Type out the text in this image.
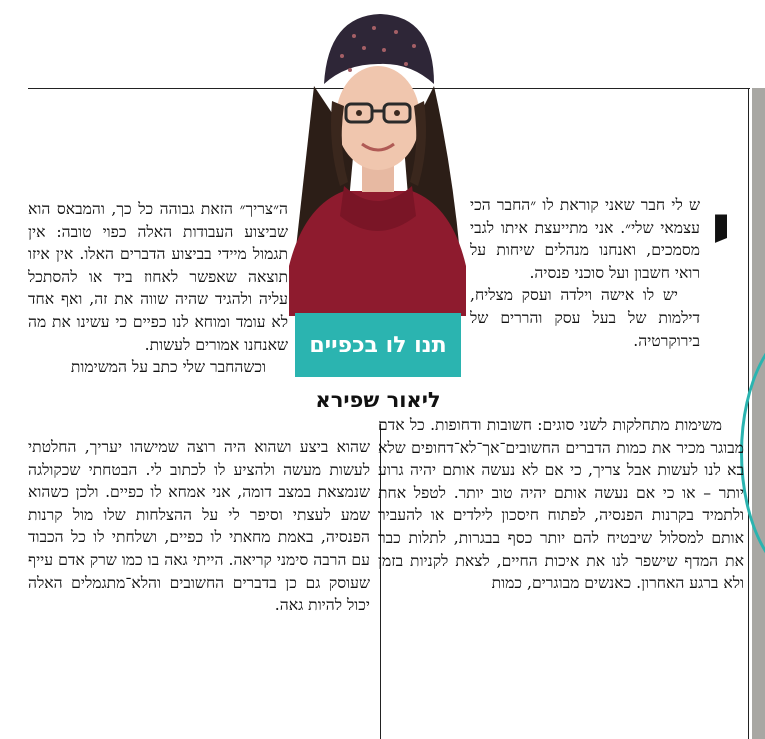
תנו לו בכפיים
ליאור שפירא
י

ש לי חבר שאני קוראת לו ״החבר הכי עצמאי שלי״. אני מתייעצת איתו לגבי מסמכים, ואנחנו מנהלים שיחות על רואי חשבון ועל סוכני פנסיה.

יש לו אישה וילדה ועסק מצליח, דילמות של בעל עסק והררים של בירוקרטיה.

משימות מתחלקות לשני סוגים: חשובות ודחופות. כל אדם מבוגר מכיר את כמות הדברים החשובים־אך־לא־דחופים שלא בא לנו לעשות אבל צריך, כי אם לא נעשה אותם יהיה גרוע יותר – או כי אם נעשה אותם יהיה טוב יותר. לטפל אחת ולתמיד בקרנות הפנסיה, לפתוח חיסכון לילדים או להעביר אותם למסלול שיבטיח להם יותר כסף בבגרות, לתלות כבר את המדף שישפר לנו את איכות החיים, לצאת לקניות בזמן ולא ברגע האחרון. כאנשים מבוגרים, כמות

ה״צריך״ הזאת גבוהה כל כך, והמבאס הוא שביצוע העבודות האלה כפוי טובה: אין תגמול מיידי בביצוע הדברים האלו. אין איזו תוצאה שאפשר לאחוז ביד או להסתכל עליה ולהגיד שהיה שווה את זה, ואף אחד לא עומד ומוחא לנו כפיים כי עשינו את מה שאנחנו אמורים לעשות.

וכשהחבר שלי כתב על המשימות

שהוא ביצע ושהוא היה רוצה שמישהו יעריך, החלטתי לעשות מעשה ולהציע לו לכתוב לי. הבטחתי שכקולגה שנמצאת במצב דומה, אני אמחא לו כפיים. ולכן כשהוא שמע לעצתי וסיפר לי על ההצלחות שלו מול קרנות הפנסיה, באמת מחאתי לו כפיים, ושלחתי לו כל הכבוד עם הרבה סימני קריאה. הייתי גאה בו כמו שרק אדם עייף שעוסק גם כן בדברים החשובים והלא־מתגמלים האלה יכול להיות גאה.
